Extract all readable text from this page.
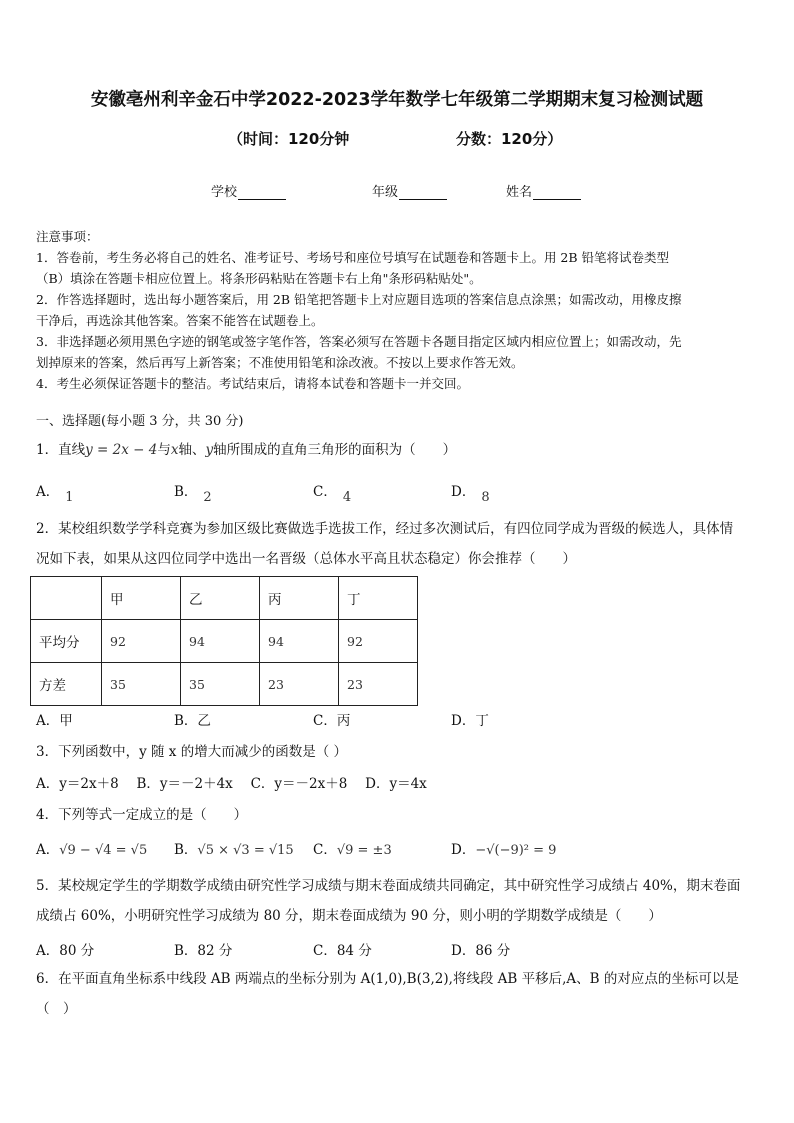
安徽亳州利辛金石中学2022-2023学年数学七年级第二学期期末复习检测试题
（时间：120分钟	分数：120分）
学校	年级	姓名
注意事项：
1．答卷前，考生务必将自己的姓名、准考证号、考场号和座位号填写在试题卷和答题卡上。用 2B 铅笔将试卷类型
（B）填涂在答题卡相应位置上。将条形码粘贴在答题卡右上角"条形码粘贴处"。
2．作答选择题时，选出每小题答案后，用 2B 铅笔把答题卡上对应题目选项的答案信息点涂黑；如需改动，用橡皮擦
干净后，再选涂其他答案。答案不能答在试题卷上。
3．非选择题必须用黑色字迹的钢笔或签字笔作答，答案必须写在答题卡各题目指定区域内相应位置上；如需改动，先
划掉原来的答案，然后再写上新答案；不准使用铅笔和涂改液。不按以上要求作答无效。
4．考生必须保证答题卡的整洁。考试结束后，请将本试卷和答题卡一并交回。
一、选择题(每小题 3 分，共 30 分)
1．直线y = 2x − 4与x轴、y轴所围成的直角三角形的面积为（　　）
A． 1	B． 2	C． 4	D． 8
2．某校组织数学学科竞赛为参加区级比赛做选手选拔工作，经过多次测试后，有四位同学成为晋级的候选人，具体情
况如下表，如果从这四位同学中选出一名晋级（总体水平高且状态稳定）你会推荐（　　）
	甲	乙	丙	丁
平均分	92	94	94	92
方差	35	35	23	23
A．甲	B．乙	C．丙	D．丁
3．下列函数中，y 随 x 的增大而减少的函数是（ ）
A．y＝2x＋8　 B．y＝－2＋4x　 C．y＝－2x＋8　 D．y＝4x
4．下列等式一定成立的是（　　）
A．√9 − √4 = √5 B．√5 × √3 = √15 C．√9 = ±3	D．−√(−9)² = 9
5．某校规定学生的学期数学成绩由研究性学习成绩与期末卷面成绩共同确定，其中研究性学习成绩占 40%，期末卷面
成绩占 60%，小明研究性学习成绩为 80 分，期末卷面成绩为 90 分，则小明的学期数学成绩是（　　）
A．80 分	B．82 分	C．84 分	D．86 分
6．在平面直角坐标系中线段 AB 两端点的坐标分别为 A(1,0),B(3,2),将线段 AB 平移后,A、B 的对应点的坐标可以是
（　）
